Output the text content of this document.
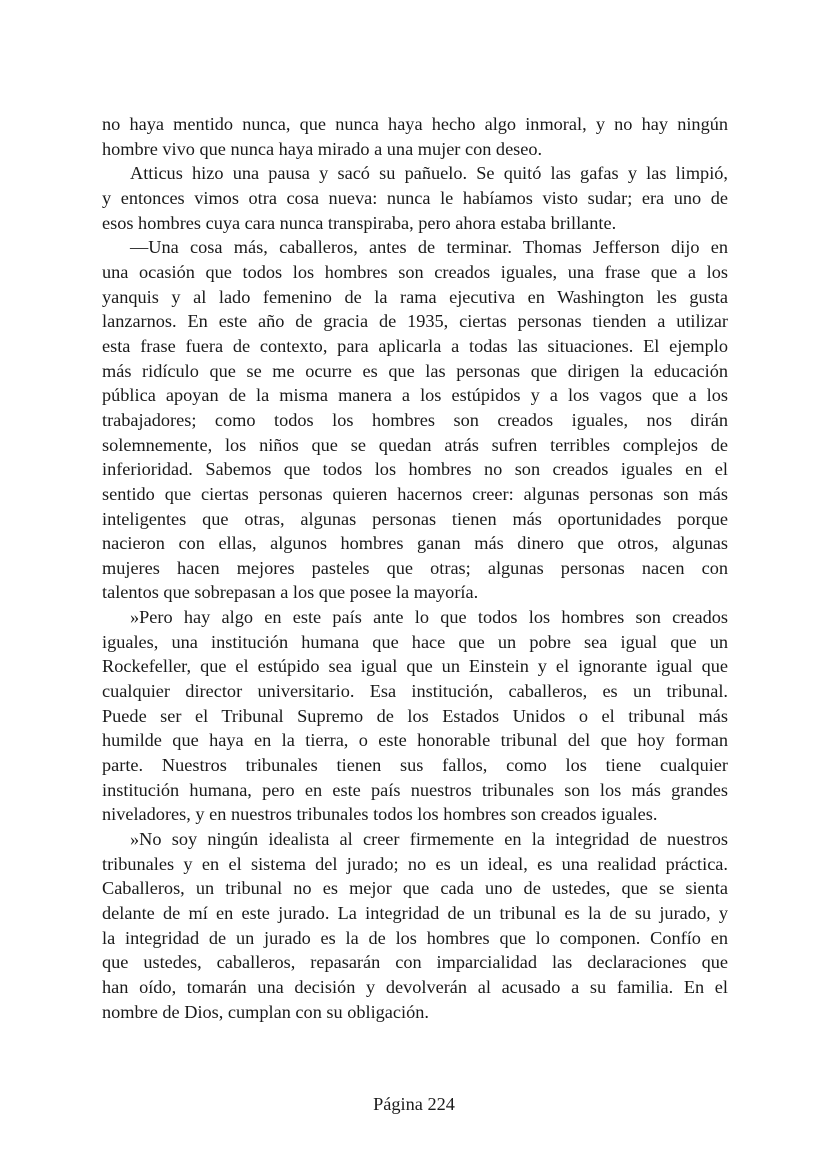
no haya mentido nunca, que nunca haya hecho algo inmoral, y no hay ningún
hombre vivo que nunca haya mirado a una mujer con deseo.
Atticus hizo una pausa y sacó su pañuelo. Se quitó las gafas y las limpió,
y entonces vimos otra cosa nueva: nunca le habíamos visto sudar; era uno de
esos hombres cuya cara nunca transpiraba, pero ahora estaba brillante.
—Una cosa más, caballeros, antes de terminar. Thomas Jefferson dijo en
una ocasión que todos los hombres son creados iguales, una frase que a los
yanquis y al lado femenino de la rama ejecutiva en Washington les gusta
lanzarnos. En este año de gracia de 1935, ciertas personas tienden a utilizar
esta frase fuera de contexto, para aplicarla a todas las situaciones. El ejemplo
más ridículo que se me ocurre es que las personas que dirigen la educación
pública apoyan de la misma manera a los estúpidos y a los vagos que a los
trabajadores; como todos los hombres son creados iguales, nos dirán
solemnemente, los niños que se quedan atrás sufren terribles complejos de
inferioridad. Sabemos que todos los hombres no son creados iguales en el
sentido que ciertas personas quieren hacernos creer: algunas personas son más
inteligentes que otras, algunas personas tienen más oportunidades porque
nacieron con ellas, algunos hombres ganan más dinero que otros, algunas
mujeres hacen mejores pasteles que otras; algunas personas nacen con
talentos que sobrepasan a los que posee la mayoría.
»Pero hay algo en este país ante lo que todos los hombres son creados
iguales, una institución humana que hace que un pobre sea igual que un
Rockefeller, que el estúpido sea igual que un Einstein y el ignorante igual que
cualquier director universitario. Esa institución, caballeros, es un tribunal.
Puede ser el Tribunal Supremo de los Estados Unidos o el tribunal más
humilde que haya en la tierra, o este honorable tribunal del que hoy forman
parte. Nuestros tribunales tienen sus fallos, como los tiene cualquier
institución humana, pero en este país nuestros tribunales son los más grandes
niveladores, y en nuestros tribunales todos los hombres son creados iguales.
»No soy ningún idealista al creer firmemente en la integridad de nuestros
tribunales y en el sistema del jurado; no es un ideal, es una realidad práctica.
Caballeros, un tribunal no es mejor que cada uno de ustedes, que se sienta
delante de mí en este jurado. La integridad de un tribunal es la de su jurado, y
la integridad de un jurado es la de los hombres que lo componen. Confío en
que ustedes, caballeros, repasarán con imparcialidad las declaraciones que
han oído, tomarán una decisión y devolverán al acusado a su familia. En el
nombre de Dios, cumplan con su obligación.
Página 224
